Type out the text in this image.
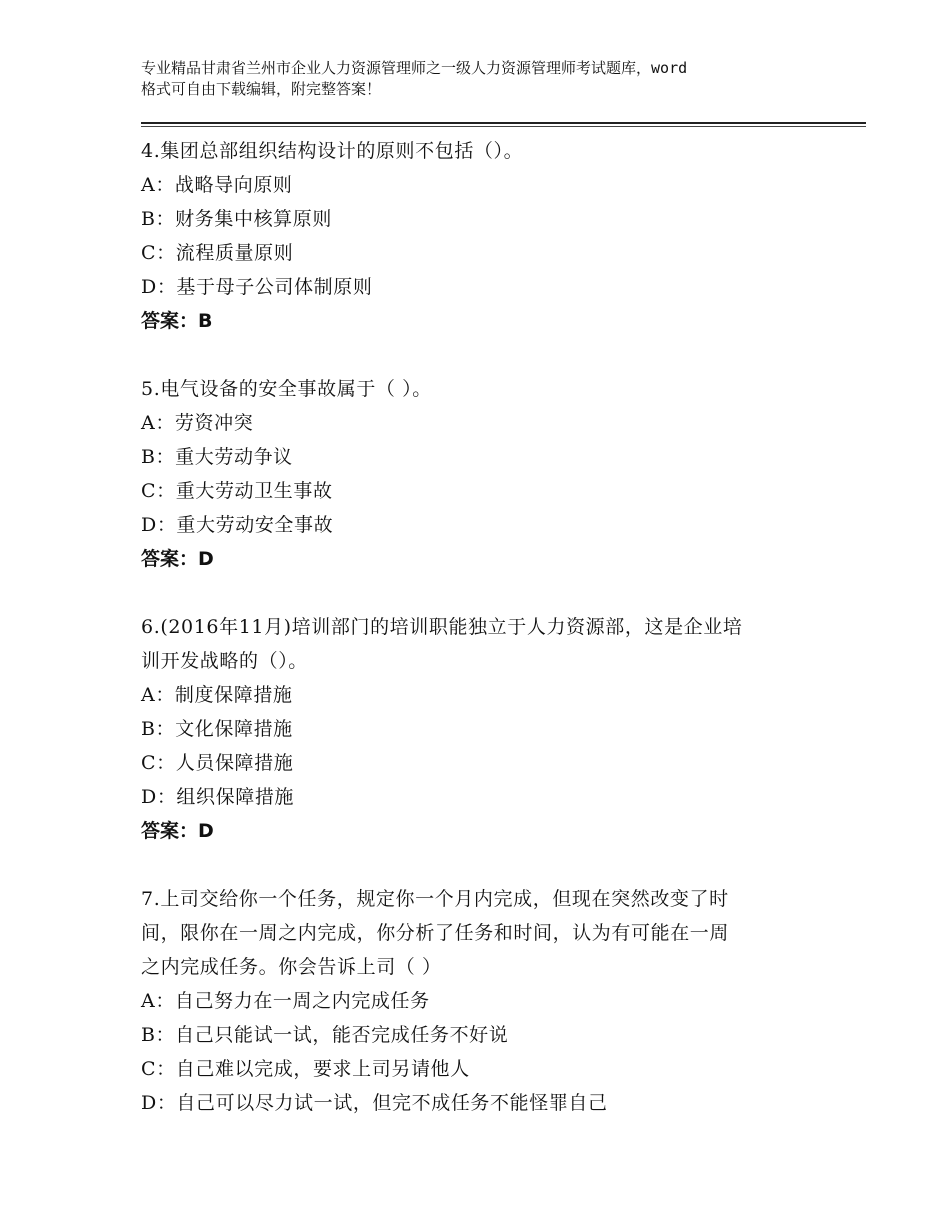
专业精品甘肃省兰州市企业人力资源管理师之一级人力资源管理师考试题库，word
格式可自由下载编辑，附完整答案！
4.集团总部组织结构设计的原则不包括（）。
A：战略导向原则
B：财务集中核算原则
C：流程质量原则
D：基于母子公司体制原则
答案：B
5.电气设备的安全事故属于（ ）。
A：劳资冲突
B：重大劳动争议
C：重大劳动卫生事故
D：重大劳动安全事故
答案：D
6.(2016年11月)培训部门的培训职能独立于人力资源部，这是企业培
训开发战略的（）。
A：制度保障措施
B：文化保障措施
C：人员保障措施
D：组织保障措施
答案：D
7.上司交给你一个任务，规定你一个月内完成，但现在突然改变了时
间，限你在一周之内完成，你分析了任务和时间，认为有可能在一周
之内完成任务。你会告诉上司（ ）
A：自己努力在一周之内完成任务
B：自己只能试一试，能否完成任务不好说
C：自己难以完成，要求上司另请他人
D：自己可以尽力试一试，但完不成任务不能怪罪自己
